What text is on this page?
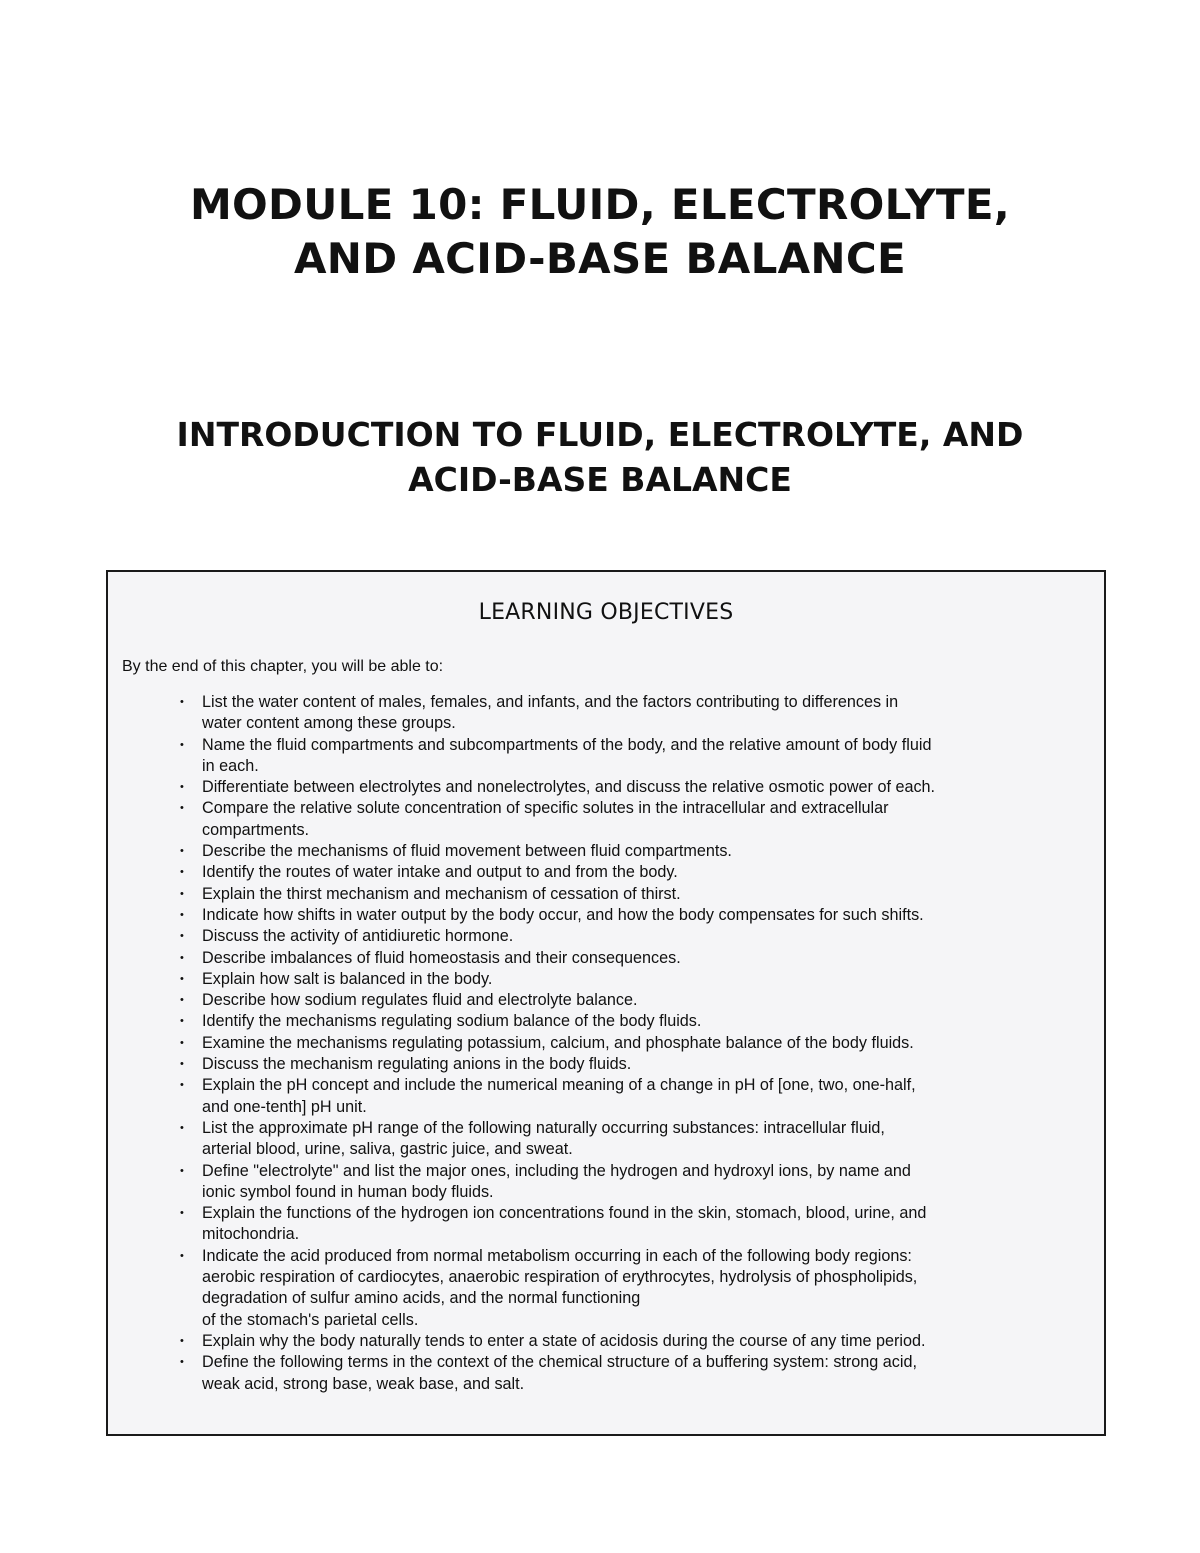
MODULE 10: FLUID, ELECTROLYTE,
AND ACID-BASE BALANCE
INTRODUCTION TO FLUID, ELECTROLYTE, AND
ACID-BASE BALANCE
LEARNING OBJECTIVES
By the end of this chapter, you will be able to:
• List the water content of males, females, and infants, and the factors contributing to differences in
water content among these groups.
• Name the fluid compartments and subcompartments of the body, and the relative amount of body fluid
in each.
• Differentiate between electrolytes and nonelectrolytes, and discuss the relative osmotic power of each.
• Compare the relative solute concentration of specific solutes in the intracellular and extracellular
compartments.
• Describe the mechanisms of fluid movement between fluid compartments.
• Identify the routes of water intake and output to and from the body.
• Explain the thirst mechanism and mechanism of cessation of thirst.
• Indicate how shifts in water output by the body occur, and how the body compensates for such shifts.
• Discuss the activity of antidiuretic hormone.
• Describe imbalances of fluid homeostasis and their consequences.
• Explain how salt is balanced in the body.
• Describe how sodium regulates fluid and electrolyte balance.
• Identify the mechanisms regulating sodium balance of the body fluids.
• Examine the mechanisms regulating potassium, calcium, and phosphate balance of the body fluids.
• Discuss the mechanism regulating anions in the body fluids.
• Explain the pH concept and include the numerical meaning of a change in pH of [one, two, one-half,
and one-tenth] pH unit.
• List the approximate pH range of the following naturally occurring substances: intracellular fluid,
arterial blood, urine, saliva, gastric juice, and sweat.
• Define "electrolyte" and list the major ones, including the hydrogen and hydroxyl ions, by name and
ionic symbol found in human body fluids.
• Explain the functions of the hydrogen ion concentrations found in the skin, stomach, blood, urine, and
mitochondria.
• Indicate the acid produced from normal metabolism occurring in each of the following body regions:
aerobic respiration of cardiocytes, anaerobic respiration of erythrocytes, hydrolysis of phospholipids,
degradation of sulfur amino acids, and the normal functioning
of the stomach's parietal cells.
• Explain why the body naturally tends to enter a state of acidosis during the course of any time period.
• Define the following terms in the context of the chemical structure of a buffering system: strong acid,
weak acid, strong base, weak base, and salt.
